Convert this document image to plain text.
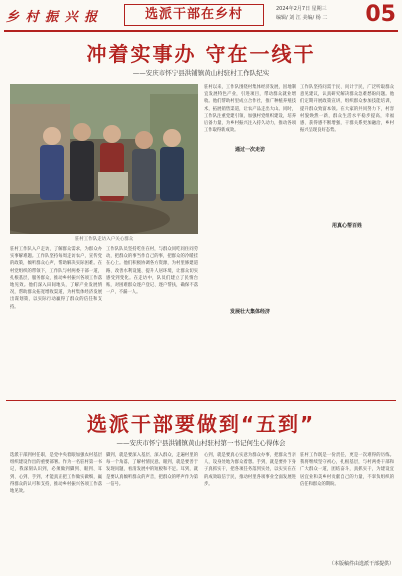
乡 村 振 兴 报	选派干部在乡村	2024年2月7日 星期三
编辑/ 刘 江 美编/ 杨 二 05
冲着实事办 守在一线干
——安庆市怀宁县洪铺镇黄山村驻村工作队纪实
驻村工作队走访入户关心群众
驻村工作队入户走访，了解群众需求，为群众办实事解难题。工作队坚持每周走访农户，宣传党的政策，倾听群众心声，帮助解决实际困难。在村党组织的带领下，工作队与村两委干部一道，扎根基层，服务群众，推动乡村振兴各项工作落地见效。他们深入田间地头，了解产业发展情况，帮助群众拓宽增收渠道，为村集体经济发展出谋划策，以实际行动赢得了群众的信任和支持。
工作队队员坚持吃住在村，与群众同吃同住同劳动，把群众的事当作自己的事，把群众的冷暖挂在心上。他们积极协调各方资源，为村里修建道路、改善水利设施、提升人居环境，让群众切实感受到变化。在走访中，队员们建立了民情台账，对困难群众逐户登记、逐户帮扶，确保不落一户、不漏一人。
驻村以来，工作队围绕村集体经济发展，因地制宜发展特色产业，引进项目，带动群众就业增收。他们帮助村里成立合作社，推广种植养殖技术，拓展销售渠道，让农产品走出大山。同时，工作队注重党建引领，加强村党组织建设，培养后备力量，为乡村振兴注入持久动力，推动各项工作取得新成效。
工作队坚持问需于民、问计于民，广泛听取群众意见建议，认真研究解决群众急难愁盼问题。他们定期开展政策宣讲，组织群众参加技能培训，提升群众致富本领。在大家的共同努力下，村容村貌焕然一新，群众生活水平稳步提高，幸福感、获得感不断增强，干群关系更加融洽，乡村振兴呈现良好态势。
通过一次走访
发展壮大集体经济
用真心帮百姓
选派干部要做到“五到”
——安庆市怀宁县洪铺镇黄山村驻村第一书记何生心得体会
选派干部到村任职，是党中央着眼加强农村基层组织建设作出的重要部署。作为一名驻村第一书记，我深刻认识到，必须做到脚到、眼到、耳到、心到、手到，才能真正把工作做实做细，赢得群众的认可和支持，推动乡村振兴各项工作落地见效。
脚到，就是要深入基层、深入群众，走遍村里的每一个角落，了解村情民意。眼到，就是要善于发现问题，看清发展中的短板和不足。耳到，就是要认真倾听群众的声音，把群众的呼声作为第一信号。
心到，就是要真心实意为群众办事，把群众当亲人，设身处地为群众着想。手到，就是要扑下身子真抓实干，把各项任务落到实处，以实实在在的成效取信于民，推动村里各项事业全面发展进步。
驻村工作既是一份责任，更是一次难得的历练。我将继续坚守初心，扎根基层，与村两委干部和广大群众一道，团结奋斗，真抓实干，为建设宜居宜业和美乡村贡献自己的力量，不辜负组织的信任和群众的期盼。
（本版稿件由选派干部提供）
